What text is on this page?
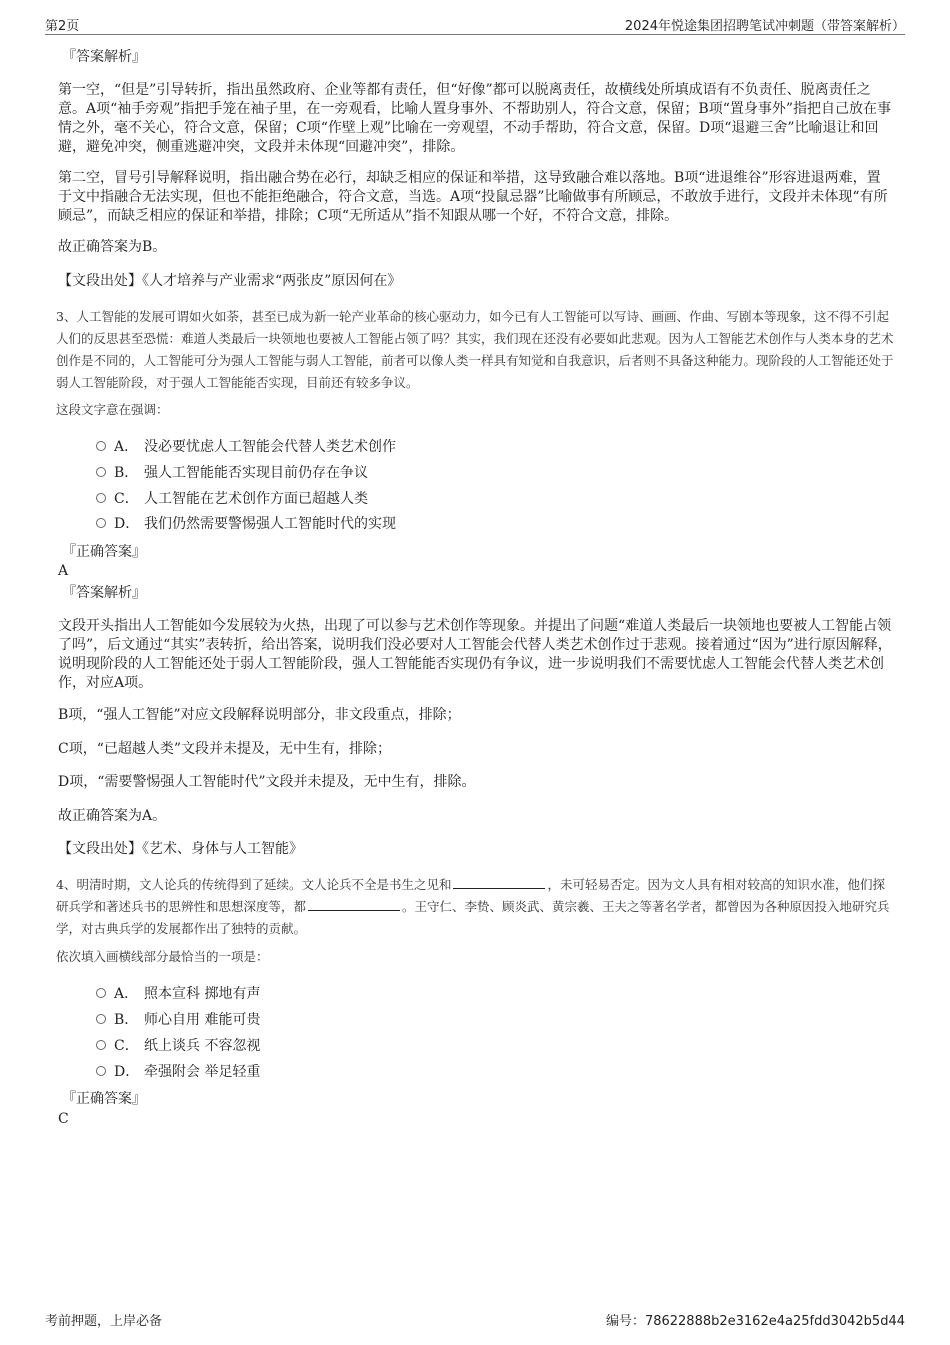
第2页	2024年悦途集团招聘笔试冲刺题（带答案解析）
『答案解析』
第一空，“但是”引导转折，指出虽然政府、企业等都有责任，但“好像”都可以脱离责任，故横线处所填成语有不负责任、脱离责任之意。A项“袖手旁观”指把手笼在袖子里，在一旁观看，比喻人置身事外、不帮助别人，符合文意，保留；B项“置身事外”指把自己放在事情之外，毫不关心，符合文意，保留；C项“作壁上观”比喻在一旁观望，不动手帮助，符合文意，保留。D项“退避三舍”比喻退让和回避，避免冲突，侧重逃避冲突，文段并未体现“回避冲突”，排除。
第二空，冒号引导解释说明，指出融合势在必行，却缺乏相应的保证和举措，这导致融合难以落地。B项“进退维谷”形容进退两难，置于文中指融合无法实现，但也不能拒绝融合，符合文意，当选。A项“投鼠忌器”比喻做事有所顾忌，不敢放手进行，文段并未体现“有所顾忌”，而缺乏相应的保证和举措，排除；C项“无所适从”指不知跟从哪一个好，不符合文意，排除。
故正确答案为B。
【文段出处】《人才培养与产业需求“两张皮”原因何在》
3、人工智能的发展可谓如火如荼，甚至已成为新一轮产业革命的核心驱动力，如今已有人工智能可以写诗、画画、作曲、写剧本等现象，这不得不引起人们的反思甚至恐慌：难道人类最后一块领地也要被人工智能占领了吗？其实，我们现在还没有必要如此悲观。因为人工智能艺术创作与人类本身的艺术创作是不同的，人工智能可分为强人工智能与弱人工智能，前者可以像人类一样具有知觉和自我意识，后者则不具备这种能力。现阶段的人工智能还处于弱人工智能阶段，对于强人工智能能否实现，目前还有较多争议。
这段文字意在强调：
A． 没必要忧虑人工智能会代替人类艺术创作
B． 强人工智能能否实现目前仍存在争议
C． 人工智能在艺术创作方面已超越人类
D． 我们仍然需要警惕强人工智能时代的实现
『正确答案』
A
『答案解析』
文段开头指出人工智能如今发展较为火热，出现了可以参与艺术创作等现象。并提出了问题“难道人类最后一块领地也要被人工智能占领了吗”，后文通过“其实”表转折，给出答案，说明我们没必要对人工智能会代替人类艺术创作过于悲观。接着通过“因为”进行原因解释，说明现阶段的人工智能还处于弱人工智能阶段，强人工智能能否实现仍有争议，进一步说明我们不需要忧虑人工智能会代替人类艺术创作，对应A项。
B项，“强人工智能”对应文段解释说明部分，非文段重点，排除；
C项，“已超越人类”文段并未提及，无中生有，排除；
D项，“需要警惕强人工智能时代”文段并未提及，无中生有，排除。
故正确答案为A。
【文段出处】《艺术、身体与人工智能》
4、明清时期，文人论兵的传统得到了延续。文人论兵不全是书生之见和	，未可轻易否定。因为文人具有相对较高的知识水准，他们探研兵学和著述兵书的思辨性和思想深度等，都	。王守仁、李贽、顾炎武、黄宗羲、王夫之等著名学者，都曾因为各种原因投入地研究兵学，对古典兵学的发展都作出了独特的贡献。
依次填入画横线部分最恰当的一项是：
A． 照本宣科 掷地有声
B． 师心自用 难能可贵
C． 纸上谈兵 不容忽视
D． 牵强附会 举足轻重
『正确答案』
C
考前押题，上岸必备	编号：78622888b2e3162e4a25fdd3042b5d44
